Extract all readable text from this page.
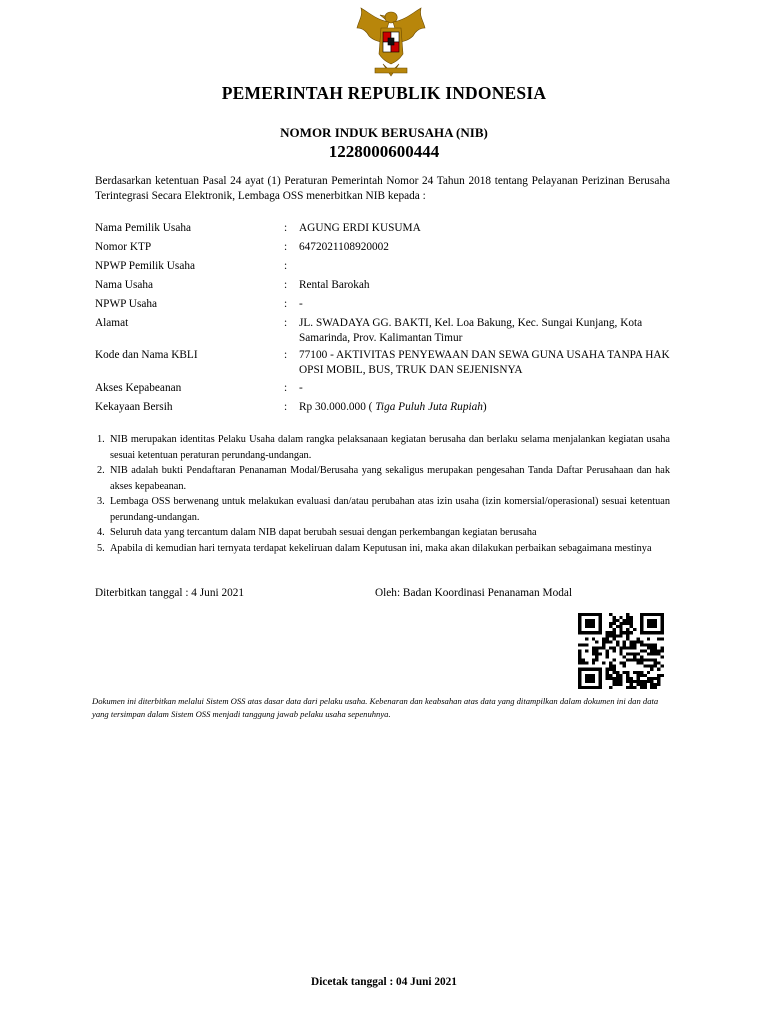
PEMERINTAH REPUBLIK INDONESIA
NOMOR INDUK BERUSAHA (NIB)
1228000600444
Berdasarkan ketentuan Pasal 24 ayat (1) Peraturan Pemerintah Nomor 24 Tahun 2018 tentang Pelayanan Perizinan Berusaha Terintegrasi Secara Elektronik, Lembaga OSS menerbitkan NIB kepada :
Nama Pemilik Usaha	: AGUNG ERDI KUSUMA
Nomor KTP	: 6472021108920002
NPWP Pemilik Usaha	:
Nama Usaha	: Rental Barokah
NPWP Usaha	: -
Alamat	: JL. SWADAYA GG. BAKTI, Kel. Loa Bakung, Kec. Sungai Kunjang, Kota Samarinda, Prov. Kalimantan Timur
Kode dan Nama KBLI	: 77100 - AKTIVITAS PENYEWAAN DAN SEWA GUNA USAHA TANPA HAK OPSI MOBIL, BUS, TRUK DAN SEJENISNYA
Akses Kepabeanan	: -
Kekayaan Bersih	: Rp 30.000.000 ( Tiga Puluh Juta Rupiah)
1. NIB merupakan identitas Pelaku Usaha dalam rangka pelaksanaan kegiatan berusaha dan berlaku selama menjalankan kegiatan usaha sesuai ketentuan peraturan perundang-undangan.
2. NIB adalah bukti Pendaftaran Penanaman Modal/Berusaha yang sekaligus merupakan pengesahan Tanda Daftar Perusahaan dan hak akses kepabeanan.
3. Lembaga OSS berwenang untuk melakukan evaluasi dan/atau perubahan atas izin usaha (izin komersial/operasional) sesuai ketentuan perundang-undangan.
4. Seluruh data yang tercantum dalam NIB dapat berubah sesuai dengan perkembangan kegiatan berusaha
5. Apabila di kemudian hari ternyata terdapat kekeliruan dalam Keputusan ini, maka akan dilakukan perbaikan sebagaimana mestinya
Diterbitkan tanggal : 4 Juni 2021	Oleh: Badan Koordinasi Penanaman Modal
Dokumen ini diterbitkan melalui Sistem OSS atas dasar data dari pelaku usaha. Kebenaran dan keabsahan atas data yang ditampilkan dalam dokumen ini dan data yang tersimpan dalam Sistem OSS menjadi tanggung jawab pelaku usaha sepenuhnya.
Dicetak tanggal : 04 Juni 2021
